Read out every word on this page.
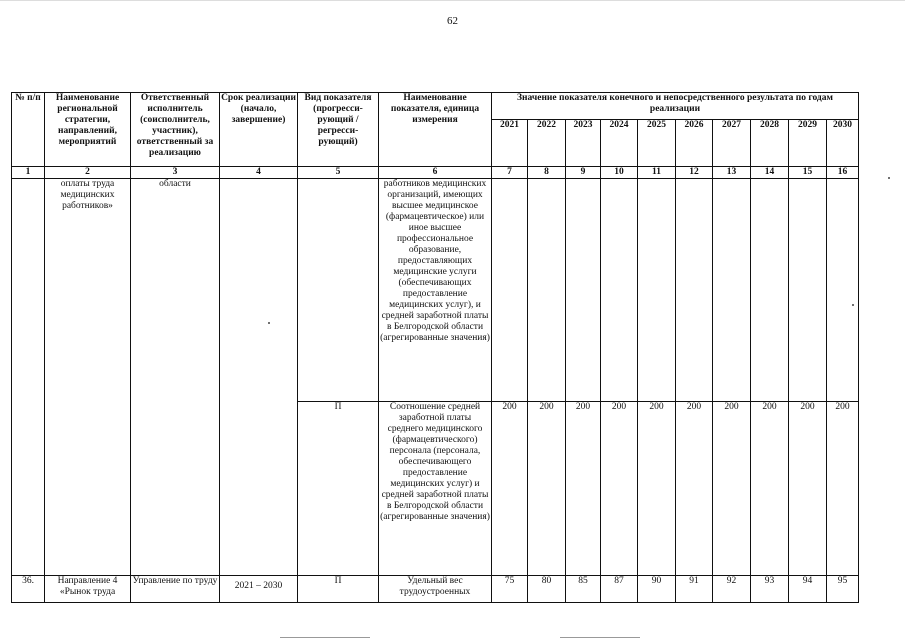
62
№ п/п	Наименование региональной стратегии, направлений, мероприятий	Ответственный исполнитель (соисполнитель, участник), ответственный за реализацию	Срок реализации (начало, завершение)	Вид показателя (прогресси-рующий / регресси-рующий)	Наименование показателя, единица измерения	Значение показателя конечного и непосредственного результата по годам реализации									
						2021	2022	2023	2024	2025	2026	2027	2028	2029	2030
1	2	3	4	5	6	7	8	9	10	11	12	13	14	15	16
	оплаты труда медицинских работников»	области			работников медицинских организаций, имеющих высшее медицинское (фармацевтическое) или иное высшее профессиональное образование, предоставляющих медицинские услуги (обеспечивающих предоставление медицинских услуг), и средней заработной платы в Белгородской области (агрегированные значения)										
				П	Соотношение средней заработной платы среднего медицинского (фармацевтического) персонала (персонала, обеспечивающего предоставление медицинских услуг) и средней заработной платы в Белгородской области (агрегированные значения)	200	200	200	200	200	200	200	200	200	200
36.	Направление 4 «Рынок труда	Управление по труду	2021 – 2030	П	Удельный вес трудоустроенных	75	80	85	87	90	91	92	93	94	95
